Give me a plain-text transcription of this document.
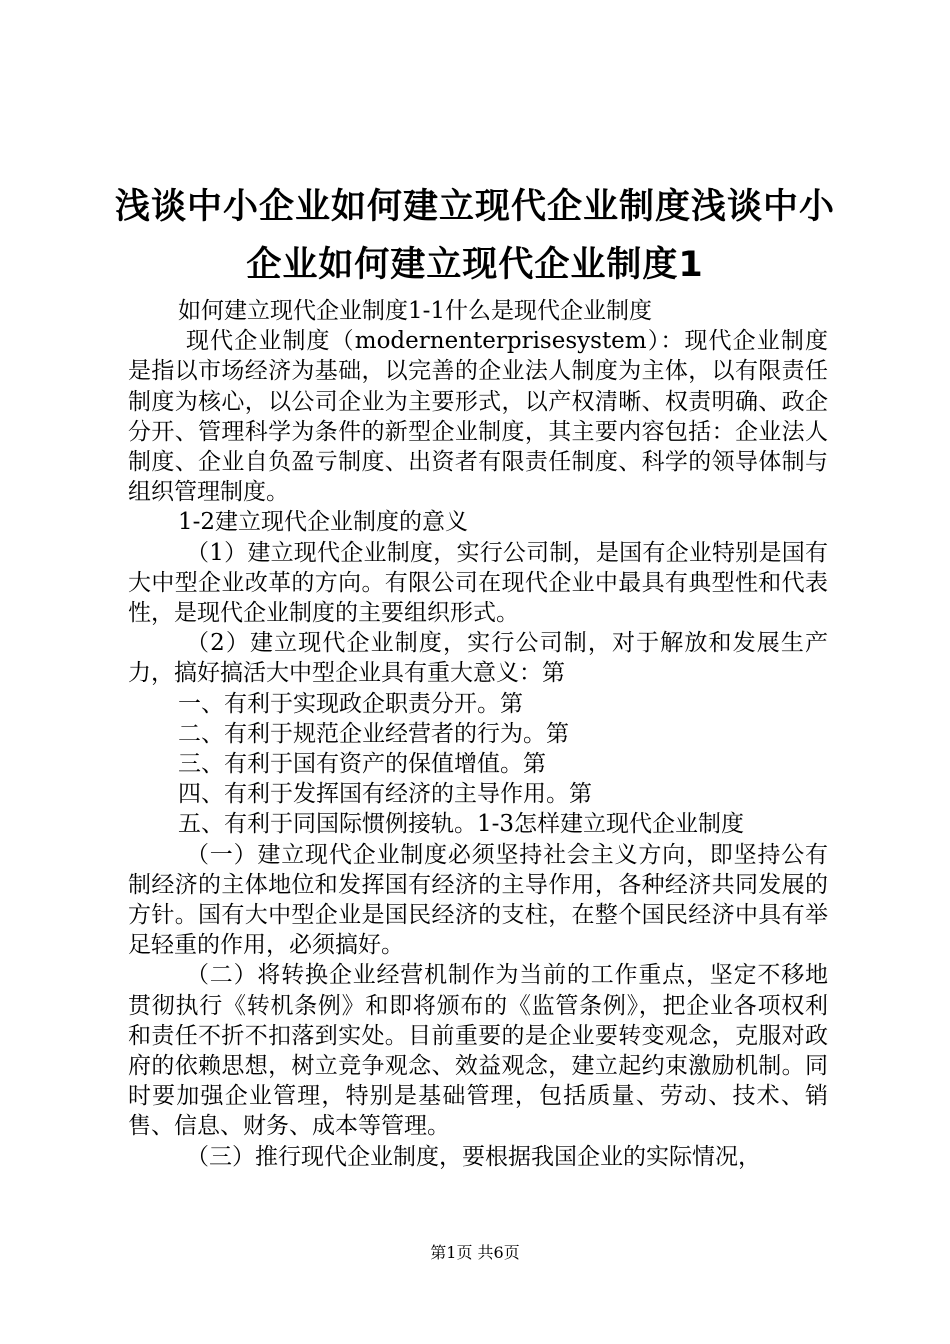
浅谈中小企业如何建立现代企业制度浅谈中小企业如何建立现代企业制度1

如何建立现代企业制度1-1什么是现代企业制度

现代企业制度（modernenterprisesystem）：现代企业制度是指以市场经济为基础，以完善的企业法人制度为主体，以有限责任制度为核心，以公司企业为主要形式，以产权清晰、权责明确、政企分开、管理科学为条件的新型企业制度，其主要内容包括：企业法人制度、企业自负盈亏制度、出资者有限责任制度、科学的领导体制与组织管理制度。

1-2建立现代企业制度的意义

（1）建立现代企业制度，实行公司制，是国有企业特别是国有大中型企业改革的方向。有限公司在现代企业中最具有典型性和代表性，是现代企业制度的主要组织形式。

（2）建立现代企业制度，实行公司制，对于解放和发展生产力，搞好搞活大中型企业具有重大意义：第

一、有利于实现政企职责分开。第

二、有利于规范企业经营者的行为。第

三、有利于国有资产的保值增值。第

四、有利于发挥国有经济的主导作用。第

五、有利于同国际惯例接轨。1-3怎样建立现代企业制度

（一）建立现代企业制度必须坚持社会主义方向，即坚持公有制经济的主体地位和发挥国有经济的主导作用，各种经济共同发展的方针。国有大中型企业是国民经济的支柱，在整个国民经济中具有举足轻重的作用，必须搞好。

（二）将转换企业经营机制作为当前的工作重点，坚定不移地贯彻执行《转机条例》和即将颁布的《监管条例》，把企业各项权利和责任不折不扣落到实处。目前重要的是企业要转变观念，克服对政府的依赖思想，树立竞争观念、效益观念，建立起约束激励机制。同时要加强企业管理，特别是基础管理，包括质量、劳动、技术、销售、信息、财务、成本等管理。

（三）推行现代企业制度，要根据我国企业的实际情况，

第1页 共6页
